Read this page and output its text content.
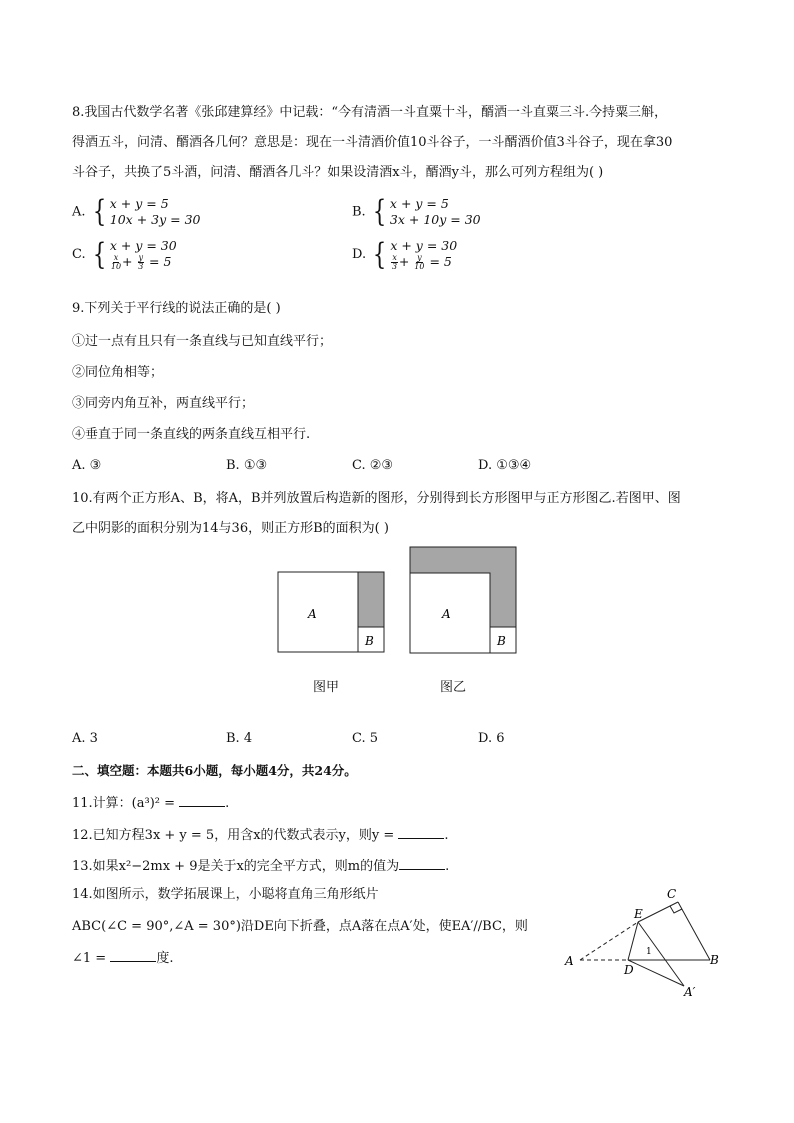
8.我国古代数学名著《张邱建算经》中记载：“今有清酒一斗直粟十斗，醑酒一斗直粟三斗.今持粟三斛，
得酒五斗，问清、醑酒各几何？意思是：现在一斗清酒价值10斗谷子，一斗醑酒价值3斗谷子，现在拿30
斗谷子，共换了5斗酒，问清、醑酒各几斗？如果设清酒x斗，醑酒y斗，那么可列方程组为( )
A. { x + y = 5
10x + 3y = 30	B. { x + y = 5
3x + 10y = 30
C. { x + y = 30
$\frac{x}{10} + \frac{y}{3} = 5$	D. { x + y = 30
$\frac{x}{3} + \frac{y}{10} = 5$
9.下列关于平行线的说法正确的是( )
①过一点有且只有一条直线与已知直线平行；
②同位角相等；
③同旁内角互补，两直线平行；
④垂直于同一条直线的两条直线互相平行.
A. ③	B. ①③	C. ②③	D. ①③④
10.有两个正方形A、B，将A，B并列放置后构造新的图形，分别得到长方形图甲与正方形图乙.若图甲、图
乙中阴影的面积分别为14与36，则正方形B的面积为( )
A
B
A
B
图甲	图乙
A. 3	B. 4	C. 5	D. 6
二、填空题：本题共6小题，每小题4分，共24分。
11.计算：(a³)² =	.
12.已知方程3x + y = 5，用含x的代数式表示y，则y =	.
13.如果x²−2mx + 9是关于x的完全平方式，则m的值为	.
14.如图所示，数学拓展课上，小聪将直角三角形纸片
ABC(∠C = 90°,∠A = 30°)沿DE向下折叠，点A落在点A′处，使EA′//BC，则
∠1 =	度.	A	B
C
D
E
A′
1
